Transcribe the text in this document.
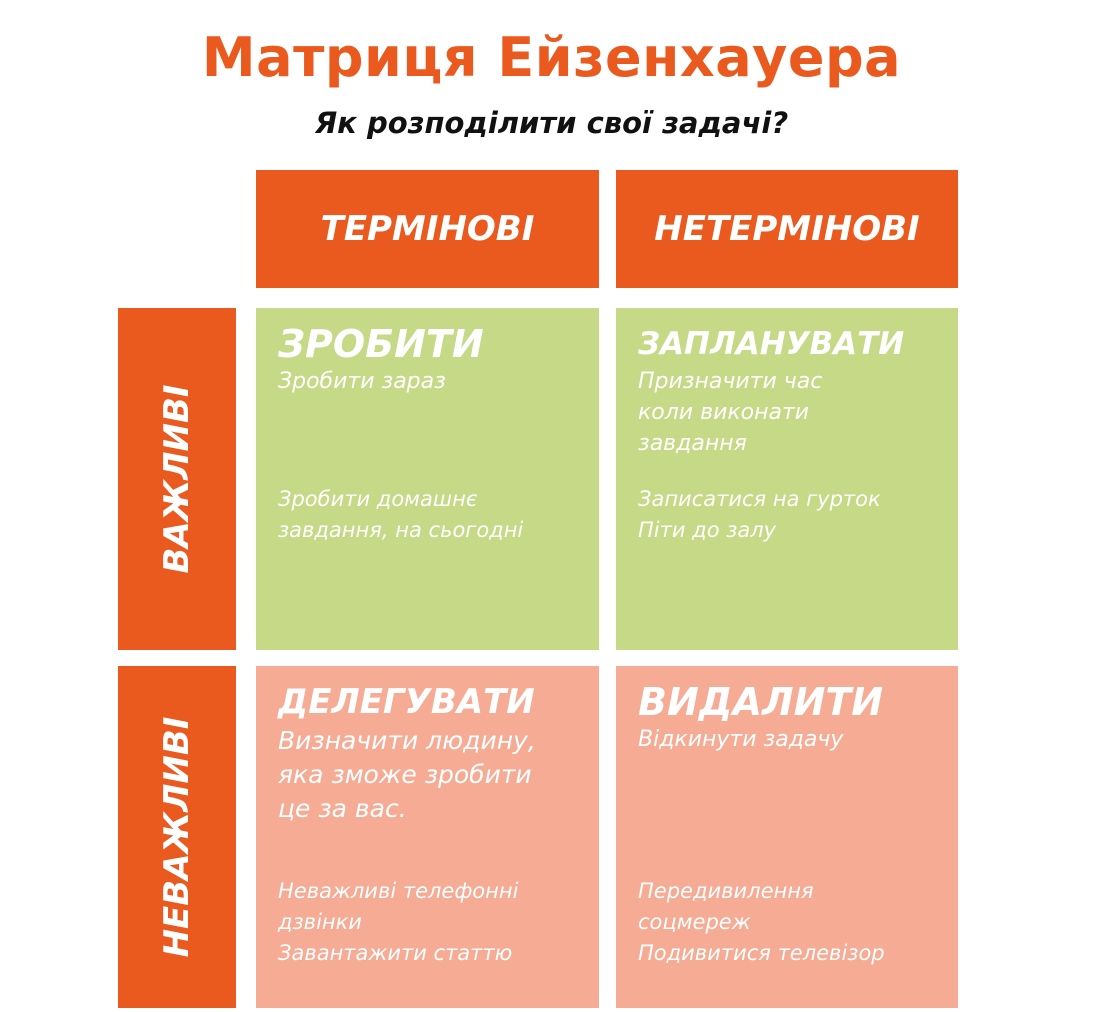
Матриця Ейзенхауера
Як розподілити свої задачі?
ТЕРМІНОВІ	НЕТЕРМІНОВІ
ВАЖЛИВІ
НЕВАЖЛИВІ
ЗРОБИТИ
Зробити зараз
Зробити домашнє
завдання, на сьогодні
ЗАПЛАНУВАТИ
Призначити час
коли виконати
завдання
Записатися на гурток
Піти до залу
ДЕЛЕГУВАТИ
Визначити людину,
яка зможе зробити
це за вас.
Неважливі телефонні
дзвінки
Завантажити статтю
ВИДАЛИТИ
Відкинути задачу
Передивилення
соцмереж
Подивитися телевізор
